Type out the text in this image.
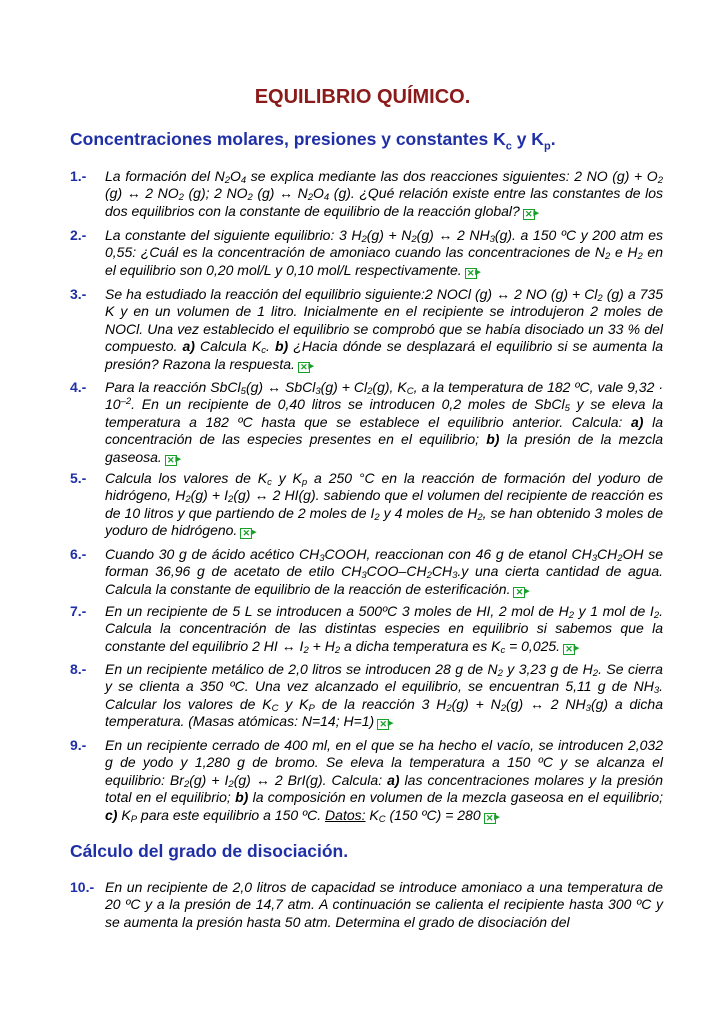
EQUILIBRIO QUÍMICO.
Concentraciones molares, presiones y constantes $K_c$ y $K_p$.
1.-	La formación del $N_2O_4$ se explica mediante las dos reacciones siguientes: 2 NO $(g) + O_2$ (g) ↔ 2 $NO_2$ (g); 2 $NO_2$ (g) ↔ $N_2O_4$ (g). ¿Qué relación existe entre las constantes de los dos equilibrios con la constante de equilibrio de la reacción global? ✕ ▶
2.-	La constante del siguiente equilibrio: 3 $H_2(g) + N_2(g)$ ↔ 2 $NH_3(g)$. a 150 ºC y 200 atm es 0,55: ¿Cuál es la concentración de amoniaco cuando las concentraciones de $N_2$ e $H_2$ en el equilibrio son 0,20 mol/L y 0,10 mol/L respectivamente. ✕ ▶
3.-	Se ha estudiado la reacción del equilibrio siguiente:2 NOCl (g) ↔ 2 NO $(g) + Cl_2$ (g) a 735 K y en un volumen de 1 litro. Inicialmente en el recipiente se introdujeron 2 moles de NOCl. Una vez establecido el equilibrio se comprobó que se había disociado un 33 % del compuesto. a) Calcula $K_c$. b) ¿Hacia dónde se desplazará el equilibrio si se aumenta la presión? Razona la respuesta. ✕ ▶
4.-	Para la reacción SbCl$_5$(g) ↔ SbCl$_3$(g) + $Cl_2(g)$, $K_C$, a la temperatura de 182 ºC, vale $9,32 \cdot 10^{-2}$. En un recipiente de 0,40 litros se introducen 0,2 moles de SbCl$_5$ y se eleva la temperatura a 182 ºC hasta que se establece el equilibrio anterior. Calcula: a) la concentración de las especies presentes en el equilibrio; b) la presión de la mezcla gaseosa. ✕ ▶
5.-	Calcula los valores de $K_c$ y $K_p$ a 250 °C en la reacción de formación del yoduro de hidrógeno, $H_2(g) + I_2(g)$ ↔ 2 HI(g). sabiendo que el volumen del recipiente de reacción es de 10 litros y que partiendo de 2 moles de $I_2$ y 4 moles de $H_2$, se han obtenido 3 moles de yoduro de hidrógeno. ✕ ▶
6.-	Cuando 30 g de ácido acético $CH_3COOH$, reaccionan con 46 g de etanol $CH_3CH_2OH$ se forman 36,96 g de acetato de etilo $CH_3COO-CH_2CH_3.y$ una cierta cantidad de agua. Calcula la constante de equilibrio de la reacción de esterificación. ✕ ▶
7.-	En un recipiente de 5 L se introducen a 500ºC 3 moles de HI, 2 mol de $H_2$ y 1 mol de $I_2$. Calcula la concentración de las distintas especies en equilibrio si sabemos que la constante del equilibrio 2 HI ↔ $I_2 + H_2$ a dicha temperatura es $K_c = 0,025$. ✕ ▶
8.-	En un recipiente metálico de 2,0 litros se introducen 28 g de $N_2$ y 3,23 g de $H_2$. Se cierra y se clienta a 350 ºC. Una vez alcanzado el equilibrio, se encuentran 5,11 g de $NH_3$. Calcular los valores de $K_C$ y $K_P$ de la reacción 3 $H_2(g) + N_2(g)$ ↔ 2 $NH_3(g)$ a dicha temperatura. (Masas atómicas: N=14; H=1) ✕ ▶
9.-	En un recipiente cerrado de 400 ml, en el que se ha hecho el vacío, se introducen 2,032 g de yodo y 1,280 g de bromo. Se eleva la temperatura a 150 ºC y se alcanza el equilibrio: $Br_2(g) + I_2(g)$ ↔ 2 BrI(g). Calcula: a) las concentraciones molares y la presión total en el equilibrio; b) la composición en volumen de la mezcla gaseosa en el equilibrio; c) $K_P$ para este equilibrio a 150 ºC. Datos: $K_C$ (150 ºC) = 280 ✕ ▶
Cálculo del grado de disociación.
10.- En un recipiente de 2,0 litros de capacidad se introduce amoniaco a una temperatura de 20 ºC y a la presión de 14,7 atm. A continuación se calienta el recipiente hasta 300 ºC y se aumenta la presión hasta 50 atm. Determina el grado de disociación del
